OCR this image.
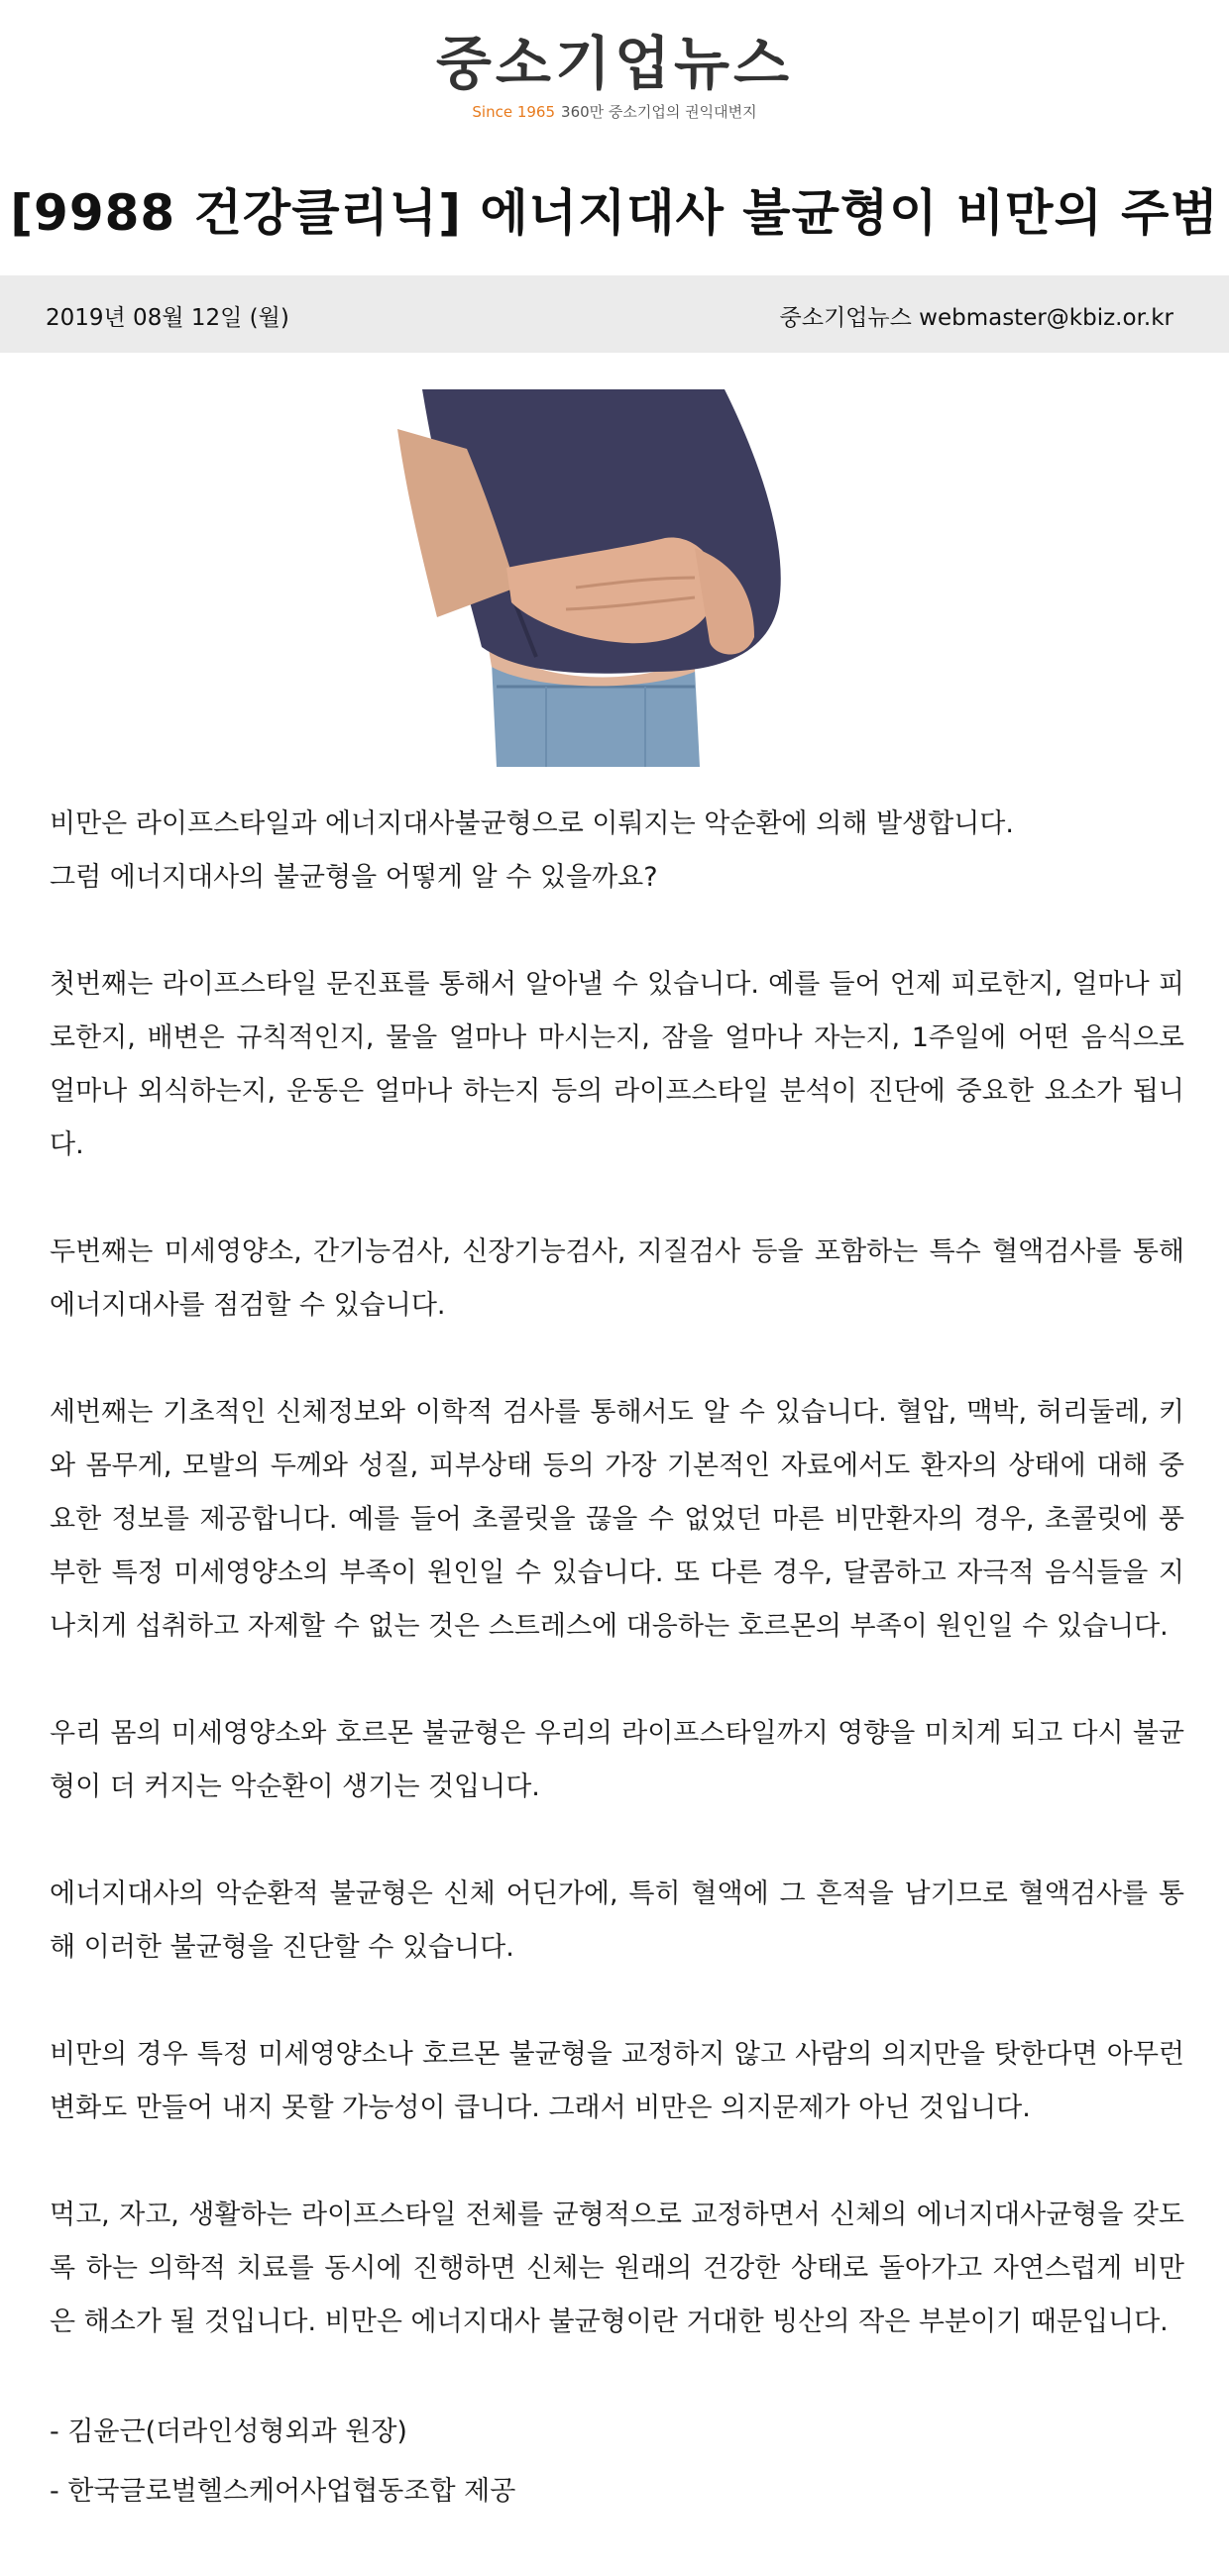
중소기업뉴스
Since 1965 360만 중소기업의 권익대변지
[9988 건강클리닉] 에너지대사 불균형이 비만의 주범
2019년 08월 12일 (월)	중소기업뉴스 webmaster@kbiz.or.kr

비만은 라이프스타일과 에너지대사불균형으로 이뤄지는 악순환에 의해 발생합니다.
그럼 에너지대사의 불균형을 어떻게 알 수 있을까요?

첫번째는 라이프스타일 문진표를 통해서 알아낼 수 있습니다. 예를 들어 언제 피로한지, 얼마나 피로한지, 배변은 규칙적인지, 물을 얼마나 마시는지, 잠을 얼마나 자는지, 1주일에 어떤 음식으로 얼마나 외식하는지, 운동은 얼마나 하는지 등의 라이프스타일 분석이 진단에 중요한 요소가 됩니다.

두번째는 미세영양소, 간기능검사, 신장기능검사, 지질검사 등을 포함하는 특수 혈액검사를 통해 에너지대사를 점검할 수 있습니다.

세번째는 기초적인 신체정보와 이학적 검사를 통해서도 알 수 있습니다. 혈압, 맥박, 허리둘레, 키와 몸무게, 모발의 두께와 성질, 피부상태 등의 가장 기본적인 자료에서도 환자의 상태에 대해 중요한 정보를 제공합니다. 예를 들어 초콜릿을 끊을 수 없었던 마른 비만환자의 경우, 초콜릿에 풍부한 특정 미세영양소의 부족이 원인일 수 있습니다. 또 다른 경우, 달콤하고 자극적 음식들을 지나치게 섭취하고 자제할 수 없는 것은 스트레스에 대응하는 호르몬의 부족이 원인일 수 있습니다.

우리 몸의 미세영양소와 호르몬 불균형은 우리의 라이프스타일까지 영향을 미치게 되고 다시 불균형이 더 커지는 악순환이 생기는 것입니다.

에너지대사의 악순환적 불균형은 신체 어딘가에, 특히 혈액에 그 흔적을 남기므로 혈액검사를 통해 이러한 불균형을 진단할 수 있습니다.

비만의 경우 특정 미세영양소나 호르몬 불균형을 교정하지 않고 사람의 의지만을 탓한다면 아무런 변화도 만들어 내지 못할 가능성이 큽니다. 그래서 비만은 의지문제가 아닌 것입니다.

먹고, 자고, 생활하는 라이프스타일 전체를 균형적으로 교정하면서 신체의 에너지대사균형을 갖도록 하는 의학적 치료를 동시에 진행하면 신체는 원래의 건강한 상태로 돌아가고 자연스럽게 비만은 해소가 될 것입니다. 비만은 에너지대사 불균형이란 거대한 빙산의 작은 부분이기 때문입니다.

- 김윤근(더라인성형외과 원장)
- 한국글로벌헬스케어사업협동조합 제공
